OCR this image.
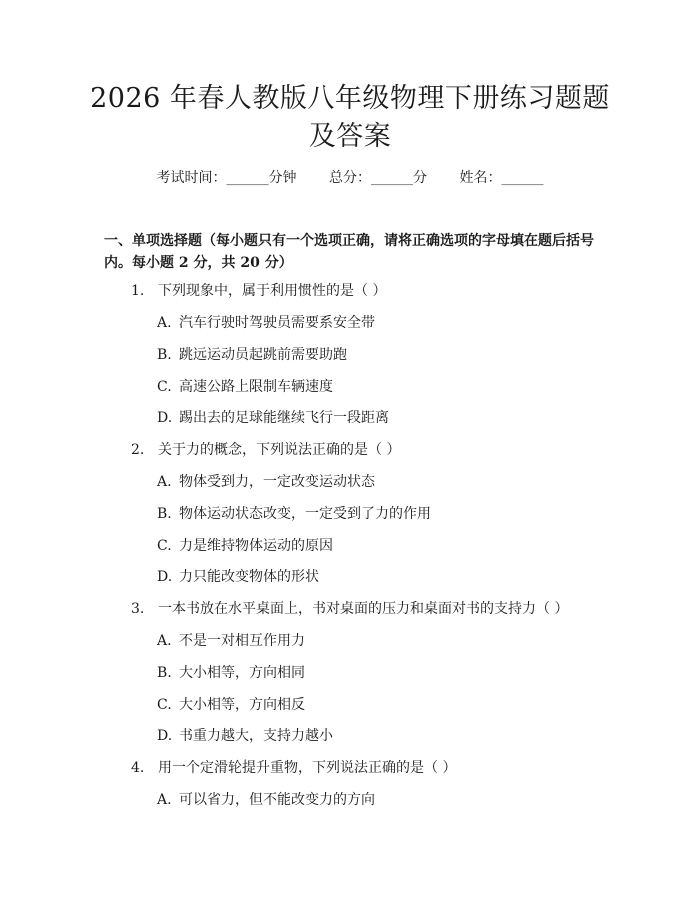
2026 年春人教版八年级物理下册练习题题及答案
考试时间：______分钟 总分：______分 姓名：______
一、单项选择题（每小题只有一个选项正确，请将正确选项的字母填在题后括号内。每小题 2 分，共 20 分）
1. 下列现象中，属于利用惯性的是（ ）
A. 汽车行驶时驾驶员需要系安全带
B. 跳远运动员起跳前需要助跑
C. 高速公路上限制车辆速度
D. 踢出去的足球能继续飞行一段距离
2. 关于力的概念，下列说法正确的是（ ）
A. 物体受到力，一定改变运动状态
B. 物体运动状态改变，一定受到了力的作用
C. 力是维持物体运动的原因
D. 力只能改变物体的形状
3. 一本书放在水平桌面上，书对桌面的压力和桌面对书的支持力（ ）
A. 不是一对相互作用力
B. 大小相等，方向相同
C. 大小相等，方向相反
D. 书重力越大，支持力越小
4. 用一个定滑轮提升重物，下列说法正确的是（ ）
A. 可以省力，但不能改变力的方向
